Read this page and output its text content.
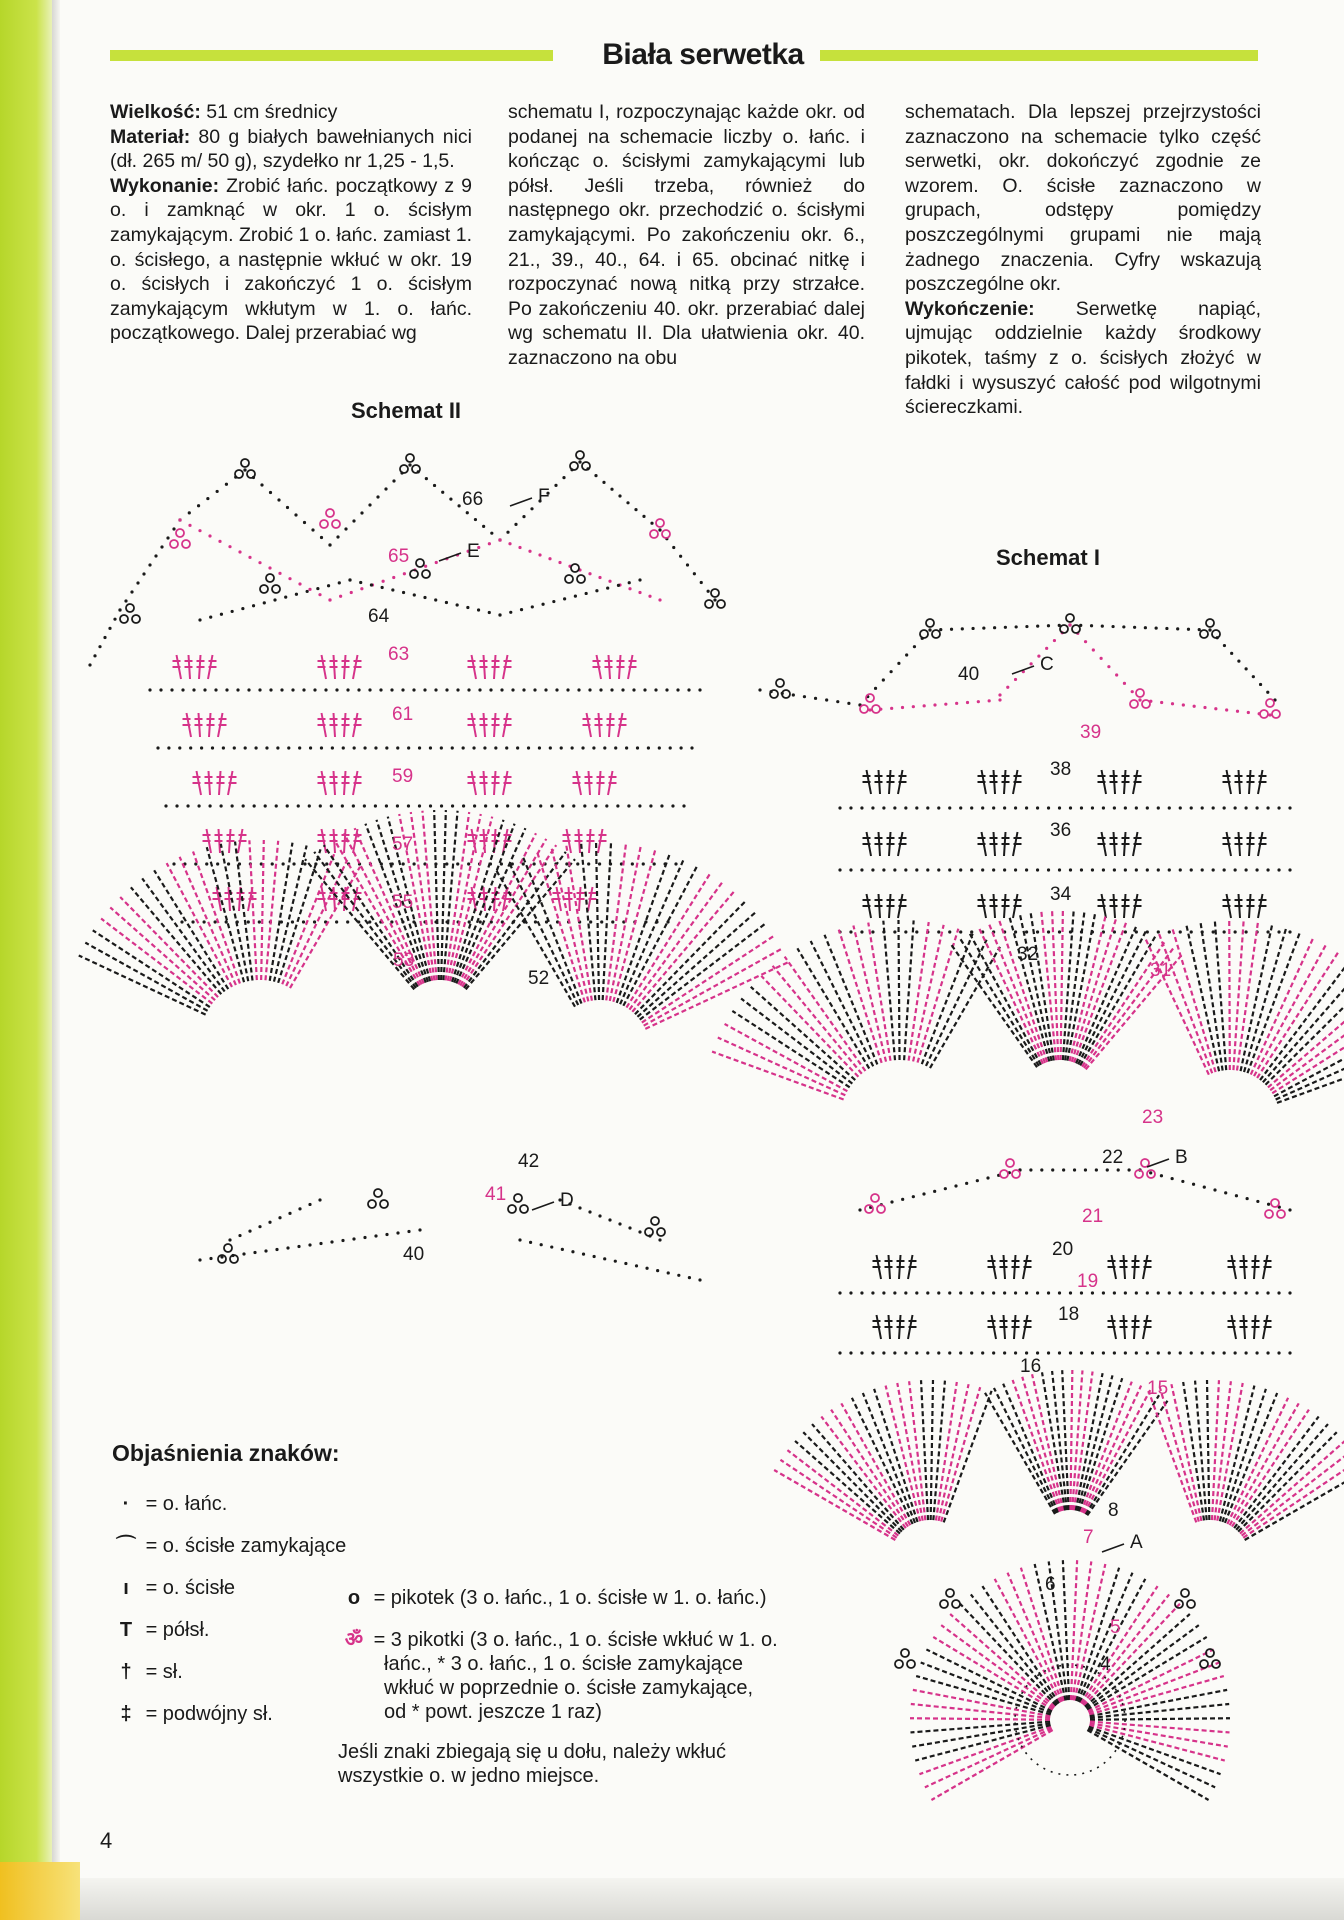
Biała serwetka
Wielkość: 51 cm średnicy
Materiał: 80 g białych bawełnianych nici (dł. 265 m/ 50 g), szydełko nr 1,25 - 1,5.
Wykonanie: Zrobić łańc. początkowy z 9 o. i zamknąć w okr. 1 o. ścisłym zamykającym. Zrobić 1 o. łańc. zamiast 1. o. ścisłego, a następnie wkłuć w okr. 19 o. ścisłych i zakończyć 1 o. ścisłym zamykającym wkłutym w 1. o. łańc. początkowego. Dalej przerabiać wg
schematu I, rozpoczynając każde okr. od podanej na schemacie liczby o. łańc. i kończąc o. ścisłymi zamykającymi lub półsł. Jeśli trzeba, również do następnego okr. przechodzić o. ścisłymi zamykającymi. Po zakończeniu okr. 6., 21., 39., 40., 64. i 65. obcinać nitkę i rozpoczynać nową nitką przy strzałce. Po zakończeniu 40. okr. przerabiać dalej wg schematu II. Dla ułatwienia okr. 40. zaznaczono na obu
schematach. Dla lepszej przejrzystości zaznaczono na schemacie tylko część serwetki, okr. dokończyć zgodnie ze wzorem. O. ścisłe zaznaczono w grupach, odstępy pomiędzy poszczególnymi grupami nie mają żadnego znaczenia. Cyfry wskazują poszczególne okr.
Wykończenie: Serwetkę napiąć, ujmując oddzielnie każdy środkowy pikotek, taśmy z o. ścisłych złożyć w fałdki i wysuszyć całość pod wilgotnymi ściereczkami.
Schemat II
Schemat I
66
65
64
63
61
59
57
55
53
52
42
41
40
40
39
38
36
34
32
31
23
22
21
20
19
18
16
15
8
7
6
5
4
F
E
D
C
B
A
Objaśnienia znaków:
· = o. łańc.
⌒ = o. ścisłe zamykające
ı = o. ścisłe
T = półsł.
† = sł.
‡ = podwójny sł.
o = pikotek (3 o. łańc., 1 o. ścisłe w 1. o. łańc.)
ॐ = 3 pikotki (3 o. łańc., 1 o. ścisłe wkłuć w 1. o.
łańc., * 3 o. łańc., 1 o. ścisłe zamykające
wkłuć w poprzednie o. ścisłe zamykające,
od * powt. jeszcze 1 raz)
Jeśli znaki zbiegają się u dołu, należy wkłuć
wszystkie o. w jedno miejsce.
4
